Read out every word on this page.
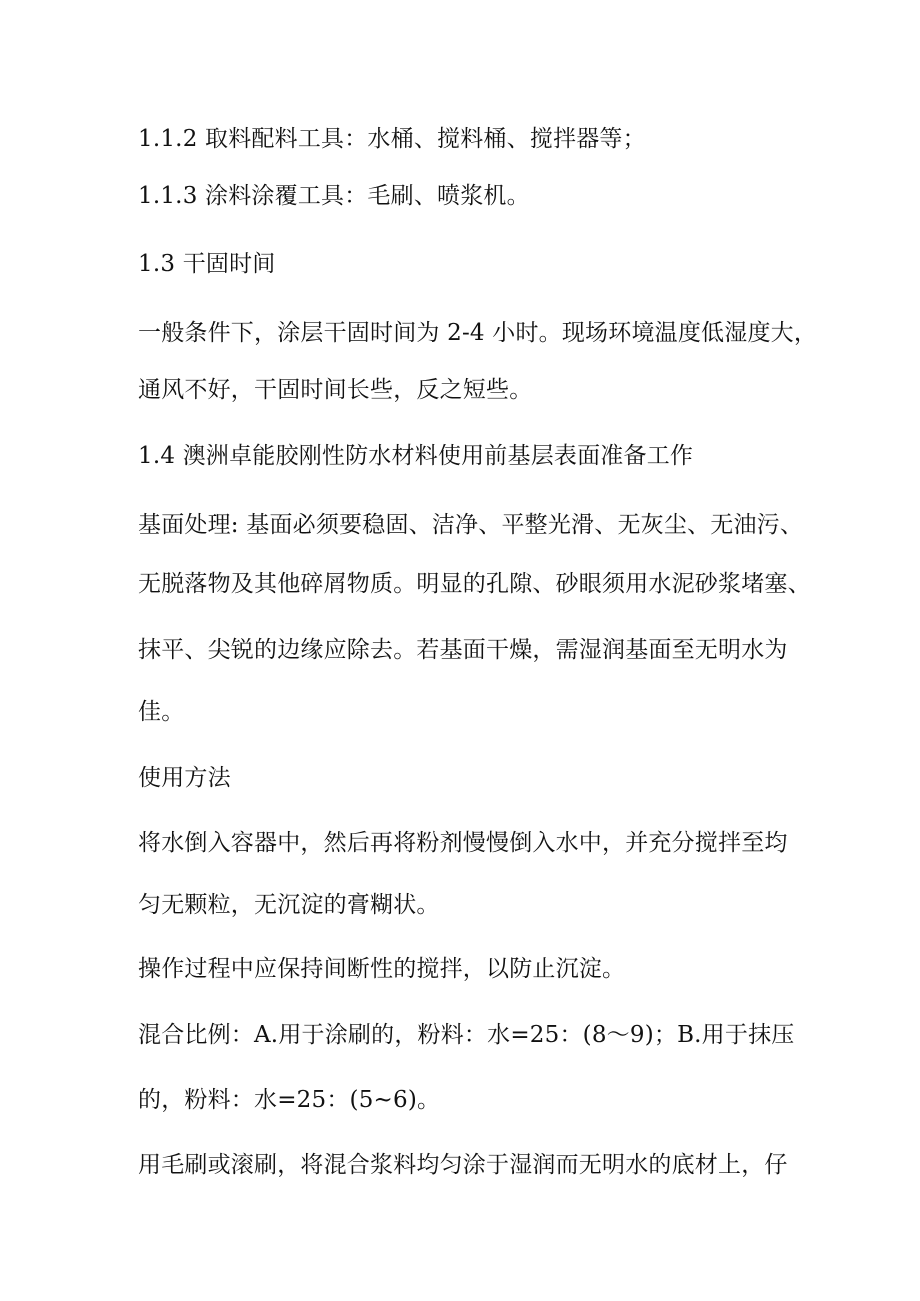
1.1.2 取料配料工具：水桶、搅料桶、搅拌器等；
1.1.3 涂料涂覆工具：毛刷、喷浆机。
1.3 干固时间
一般条件下，涂层干固时间为 2-4 小时。现场环境温度低湿度大，
通风不好，干固时间长些，反之短些。
1.4 澳洲卓能胶刚性防水材料使用前基层表面准备工作
基面处理: 基面必须要稳固、洁净、平整光滑、无灰尘、无油污、
无脱落物及其他碎屑物质。明显的孔隙、砂眼须用水泥砂浆堵塞、
抹平、尖锐的边缘应除去。若基面干燥，需湿润基面至无明水为
佳。
使用方法
将水倒入容器中，然后再将粉剂慢慢倒入水中，并充分搅拌至均
匀无颗粒，无沉淀的膏糊状。
操作过程中应保持间断性的搅拌，以防止沉淀。
混合比例：A.用于涂刷的，粉料：水=25：(8～9)；B.用于抹压
的，粉料：水=25：(5~6)。
用毛刷或滚刷，将混合浆料均匀涂于湿润而无明水的底材上，仔
